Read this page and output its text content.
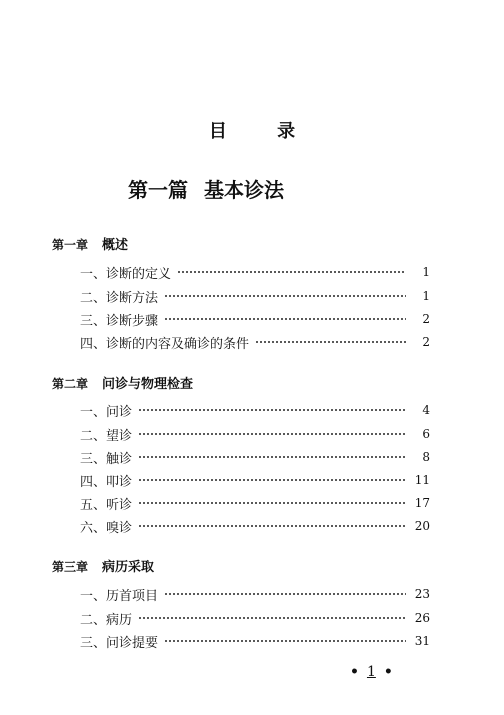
目 录
第一篇 基本诊法
第一章 概述
一、 诊断的定义	1
二、 诊断方法	1
三、 诊断步骤	2
四、 诊断的内容及确诊的条件	2
第二章 问诊与物理检查
一、 问诊	4
二、 望诊	6
三、 触诊	8
四、 叩诊	11
五、 听诊	17
六、 嗅诊	20
第三章 病历采取
一、 历首项目	23
二、 病历	26
三、 问诊提要	31
• 1 •
